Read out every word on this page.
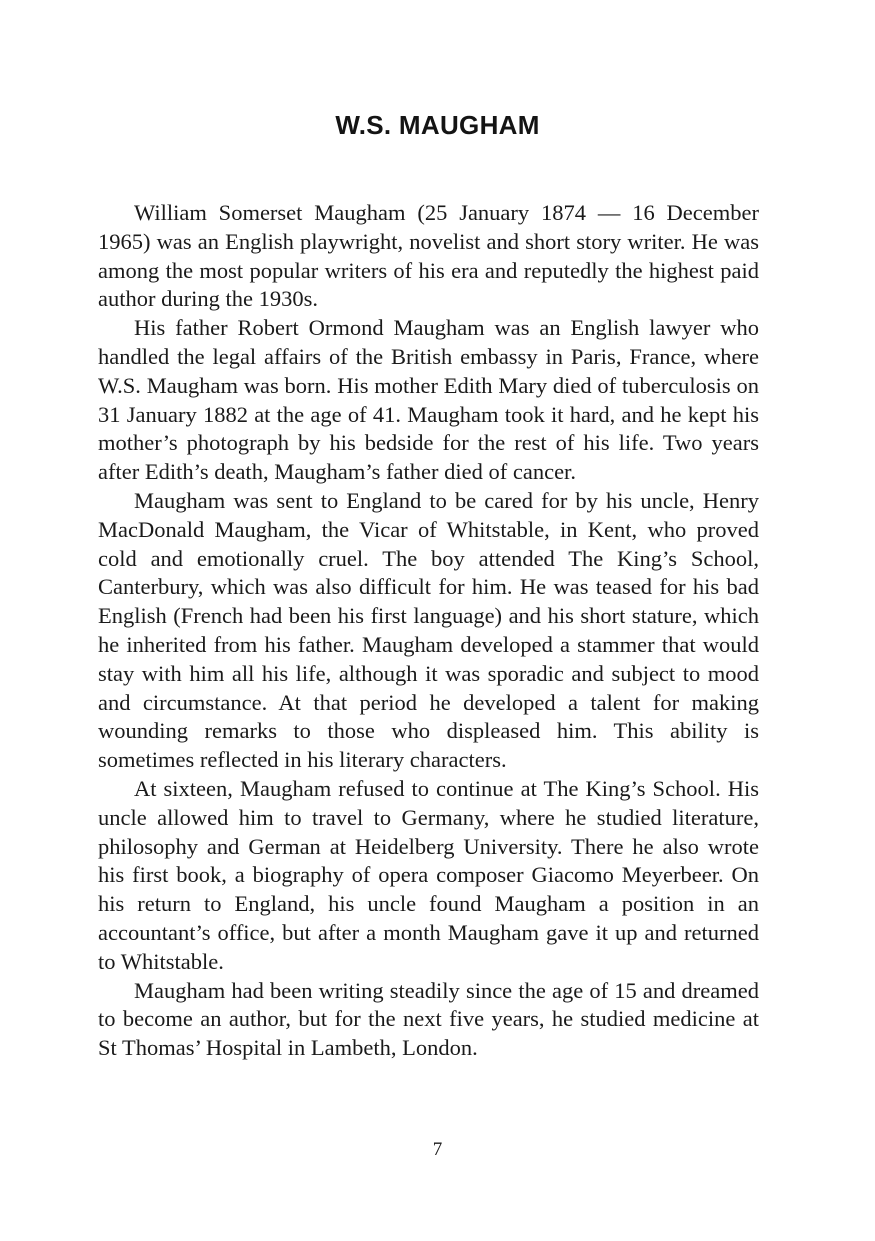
W.S. MAUGHAM

William Somerset Maugham (25 January 1874 — 16 December 1965) was an English playwright, novelist and short story writer. He was among the most popular writers of his era and reputedly the highest paid author during the 1930s.

His father Robert Ormond Maugham was an English lawyer who handled the legal affairs of the British embassy in Paris, France, where W.S. Maugham was born. His mother Edith Mary died of tuberculosis on 31 January 1882 at the age of 41. Maugham took it hard, and he kept his mother’s photograph by his bedside for the rest of his life. Two years after Edith’s death, Maugham’s father died of cancer.

Maugham was sent to England to be cared for by his uncle, Henry MacDonald Maugham, the Vicar of Whitstable, in Kent, who proved cold and emotionally cruel. The boy attended The King’s School, Canterbury, which was also difficult for him. He was teased for his bad English (French had been his first language) and his short stature, which he inherited from his father. Maugham developed a stammer that would stay with him all his life, although it was sporadic and subject to mood and circumstance. At that period he developed a talent for making wounding remarks to those who displeased him. This ability is sometimes reflected in his literary characters.

At sixteen, Maugham refused to continue at The King’s School. His uncle allowed him to travel to Germany, where he studied literature, philosophy and German at Heidelberg University. There he also wrote his first book, a biography of opera composer Giacomo Meyerbeer. On his return to England, his uncle found Maugham a position in an accountant’s office, but after a month Maugham gave it up and returned to Whitstable.

Maugham had been writing steadily since the age of 15 and dreamed to become an author, but for the next five years, he studied medicine at St Thomas’ Hospital in Lambeth, London.

7
